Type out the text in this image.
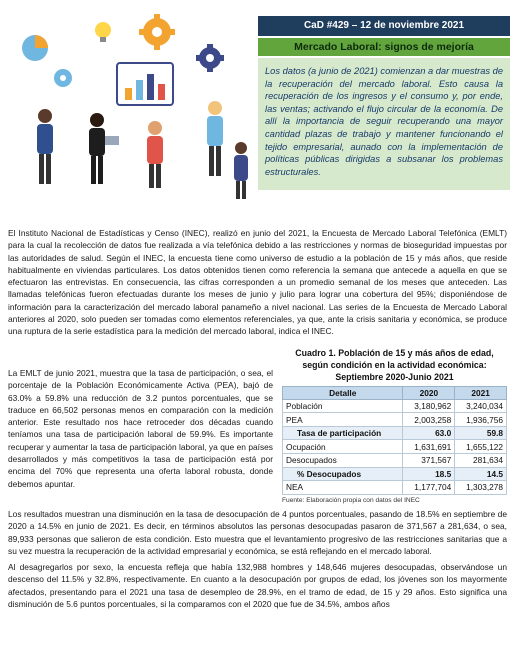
CaD #429 – 12 de noviembre 2021
Mercado Laboral: signos de mejoría
Los datos (a junio de 2021) comienzan a dar muestras de la recuperación del mercado laboral. Esto causa la recuperación de los ingresos y el consumo y, por ende, las ventas; activando el flujo circular de la economía. De allí la importancia de seguir recuperando una mayor cantidad plazas de trabajo y mantener funcionando el tejido empresarial, aunado con la implementación de políticas públicas dirigidas a subsanar los problemas estructurales.

El Instituto Nacional de Estadísticas y Censo (INEC), realizó en junio del 2021, la Encuesta de Mercado Laboral Telefónica (EMLT) para la cual la recolección de datos fue realizada a vía telefónica debido a las restricciones y normas de bioseguridad impuestas por las autoridades de salud. Según el INEC, la encuesta tiene como universo de estudio a la población de 15 y más años, que reside habitualmente en viviendas particulares. Los datos obtenidos tienen como referencia la semana que antecede a aquella en que se efectuaron las entrevistas. En consecuencia, las cifras corresponden a un promedio semanal de los meses que anteceden. Las llamadas telefónicas fueron efectuadas durante los meses de junio y julio para lograr una cobertura del 95%; disponiéndose de información para la caracterización del mercado laboral panameño a nivel nacional. Las series de la Encuesta de Mercado Laboral anteriores al 2020, solo pueden ser tomadas como elementos referenciales, ya que, ante la crisis sanitaria y económica, se produce una ruptura de la serie estadística para la medición del mercado laboral, indica el INEC.

La EMLT de junio 2021, muestra que la tasa de participación, o sea, el porcentaje de la Población Económicamente Activa (PEA), bajó de 63.0% a 59.8% una reducción de 3.2 puntos porcentuales, que se traduce en 66,502 personas menos en comparación con la medición anterior. Este resultado nos hace retroceder dos décadas cuando teníamos una tasa de participación laboral de 59.9%. Es importante recuperar y aumentar la tasa de participación laboral, ya que en países desarrollados y más competitivos la tasa de participación está por encima del 70% que representa una oferta laboral robusta, donde debemos apuntar.

Cuadro 1. Población de 15 y más años de edad, según condición en la actividad económica: Septiembre 2020-Junio 2021
Detalle	2020	2021
Población	3,180,962	3,240,034
PEA	2,003,258	1,936,756
Tasa de participación	63.0	59.8
Ocupación	1,631,691	1,655,122
Desocupados	371,567	281,634
% Desocupados	18.5	14.5
NEA	1,177,704	1,303,278
Fuente: Elaboración propia con datos del INEC

Los resultados muestran una disminución en la tasa de desocupación de 4 puntos porcentuales, pasando de 18.5% en septiembre de 2020 a 14.5% en junio de 2021. Es decir, en términos absolutos las personas desocupadas pasaron de 371,567 a 281,634, o sea, 89,933 personas que salieron de esta condición. Esto muestra que el levantamiento progresivo de las restricciones sanitarias que a su vez muestra la recuperación de la actividad empresarial y económica, se está reflejando en el mercado laboral.

Al desagregarlos por sexo, la encuesta refleja que había 132,988 hombres y 148,646 mujeres desocupadas, observándose un descenso del 11.5% y 32.8%, respectivamente. En cuanto a la desocupación por grupos de edad, los jóvenes son los mayormente afectados, presentando para el 2021 una tasa de desempleo de 28.9%, en el tramo de edad, de 15 y 29 años. Esto significa una disminución de 5.6 puntos porcentuales, si la comparamos con el 2020 que fue de 34.5%, ambos años
